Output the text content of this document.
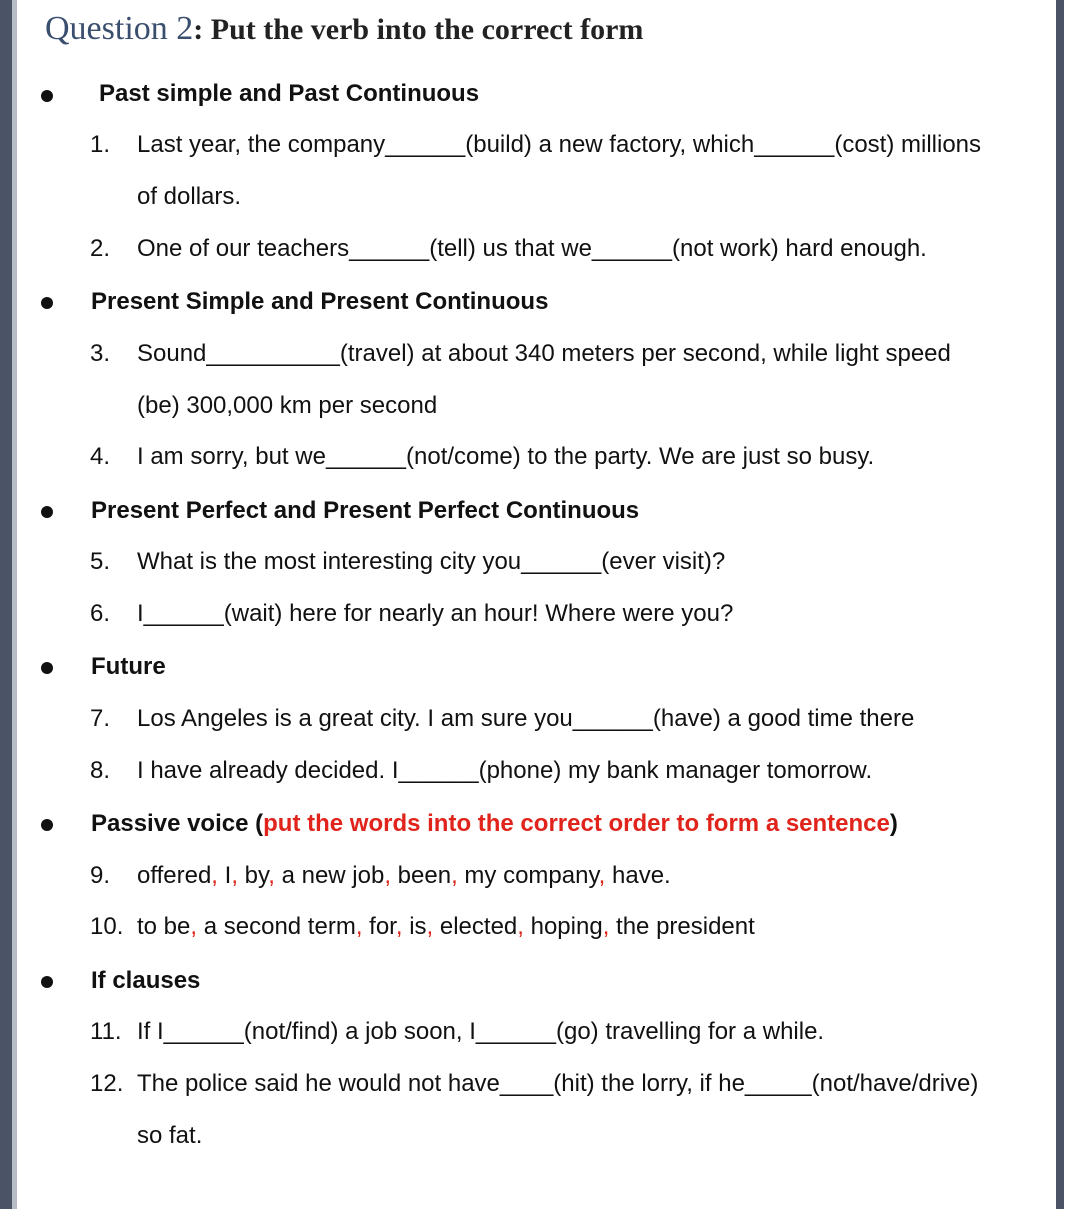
Question 2: Put the verb into the correct form
Past simple and Past Continuous
1. Last year, the company______(build) a new factory, which______(cost) millions
of dollars.
2. One of our teachers______(tell) us that we______(not work) hard enough.
Present Simple and Present Continuous
3. Sound__________(travel) at about 340 meters per second, while light speed
(be) 300,000 km per second
4. I am sorry, but we______(not/come) to the party. We are just so busy.
Present Perfect and Present Perfect Continuous
5. What is the most interesting city you______(ever visit)?
6. I______(wait) here for nearly an hour! Where were you?
Future
7. Los Angeles is a great city. I am sure you______(have) a good time there
8. I have already decided. I______(phone) my bank manager tomorrow.
Passive voice (put the words into the correct order to form a sentence)
9. offered, I, by, a new job, been, my company, have.
10. to be, a second term, for, is, elected, hoping, the president
If clauses
11. If I______(not/find) a job soon, I______(go) travelling for a while.
12. The police said he would not have____(hit) the lorry, if he_____(not/have/drive)
so fat.
